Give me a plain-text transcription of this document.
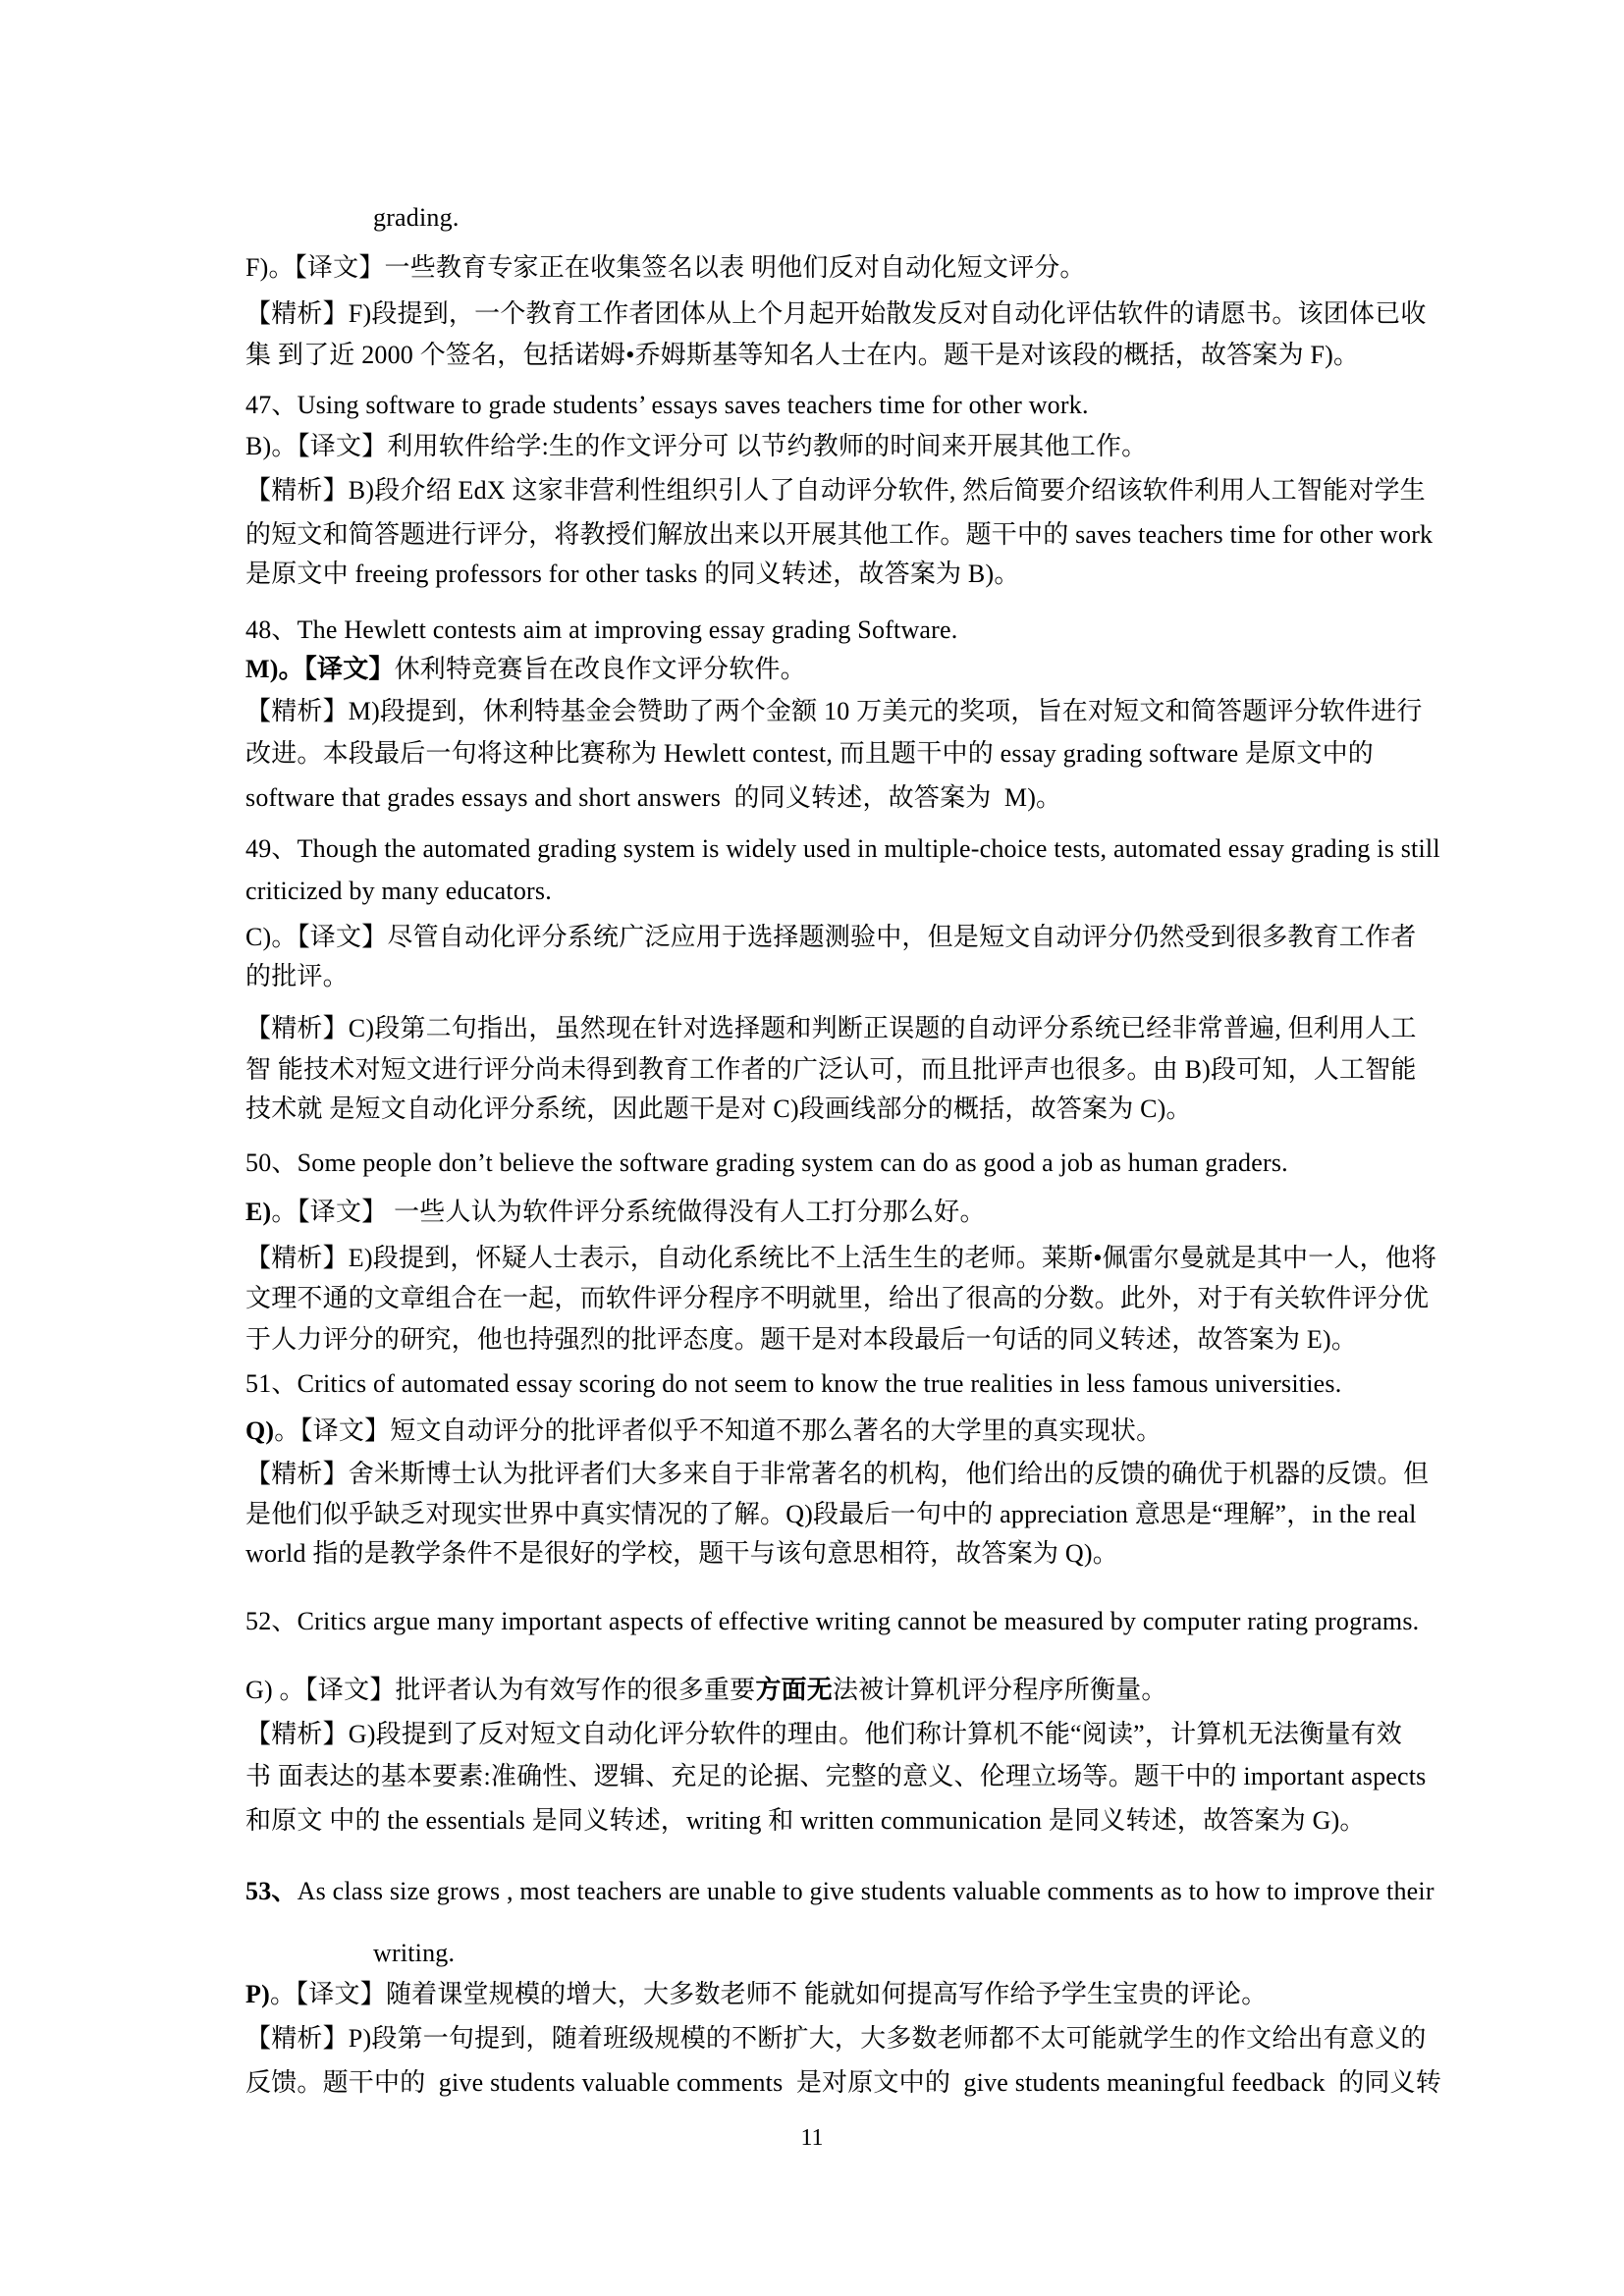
grading.
F)。【译文】一些教育专家正在收集签名以表 明他们反对自动化短文评分。
【精析】F)段提到，一个教育工作者团体从上个月起开始散发反对自动化评估软件的请愿书。该团体已收
集 到了近 2000 个签名，包括诺姆•乔姆斯基等知名人士在内。题干是对该段的概括，故答案为 F)。
47、Using software to grade students’ essays saves teachers time for other work.
B)。【译文】利用软件给学:生的作文评分可 以节约教师的时间来开展其他工作。
【精析】B)段介绍 EdX 这家非营利性组织引人了自动评分软件, 然后简要介绍该软件利用人工智能对学生
的短文和简答题进行评分，将教授们解放出来以开展其他工作。题干中的 saves teachers time for other work
是原文中 freeing professors for other tasks 的同义转述，故答案为 B)。
48、The Hewlett contests aim at improving essay grading Software.
M)。【译文】休利特竞赛旨在改良作文评分软件。
【精析】M)段提到，休利特基金会赞助了两个金额 10 万美元的奖项，旨在对短文和简答题评分软件进行
改进。本段最后一句将这种比赛称为 Hewlett contest, 而且题干中的 essay grading software 是原文中的
software that grades essays and short answers  的同义转述，故答案为  M)。
49、Though the automated grading system is widely used in multiple-choice tests, automated essay grading is still
criticized by many educators.
C)。【译文】尽管自动化评分系统广泛应用于选择题测验中，但是短文自动评分仍然受到很多教育工作者
的批评。
【精析】C)段第二句指出，虽然现在针对选择题和判断正误题的自动评分系统已经非常普遍, 但利用人工
智 能技术对短文进行评分尚未得到教育工作者的广泛认可，而且批评声也很多。由 B)段可知，人工智能
技术就 是短文自动化评分系统，因此题干是对 C)段画线部分的概括，故答案为 C)。
50、Some people don’t believe the software grading system can do as good a job as human graders.
E)。【译文】 一些人认为软件评分系统做得没有人工打分那么好。
【精析】E)段提到，怀疑人士表示，自动化系统比不上活生生的老师。莱斯•佩雷尔曼就是其中一人，他将
文理不通的文章组合在一起，而软件评分程序不明就里，给出了很高的分数。此外，对于有关软件评分优
于人力评分的研究，他也持强烈的批评态度。题干是对本段最后一句话的同义转述，故答案为 E)。
51、Critics of automated essay scoring do not seem to know the true realities in less famous universities.
Q)。【译文】短文自动评分的批评者似乎不知道不那么著名的大学里的真实现状。
【精析】舍米斯博士认为批评者们大多来自于非常著名的机构，他们给出的反馈的确优于机器的反馈。但
是他们似乎缺乏对现实世界中真实情况的了解。Q)段最后一句中的 appreciation 意思是“理解”，in the real
world 指的是教学条件不是很好的学校，题干与该句意思相符，故答案为 Q)。
52、Critics argue many important aspects of effective writing cannot be measured by computer rating programs.
G) 。【译文】批评者认为有效写作的很多重要方面无法被计算机评分程序所衡量。
【精析】G)段提到了反对短文自动化评分软件的理由。他们称计算机不能“阅读”，计算机无法衡量有效
书 面表达的基本要素:准确性、逻辑、充足的论据、完整的意义、伦理立场等。题干中的 important aspects
和原文 中的 the essentials 是同义转述，writing 和 written communication 是同义转述，故答案为 G)。
53、As class size grows , most teachers are unable to give students valuable comments as to how to improve their
writing.
P)。【译文】随着课堂规模的增大，大多数老师不 能就如何提高写作给予学生宝贵的评论。
【精析】P)段第一句提到，随着班级规模的不断扩大，大多数老师都不太可能就学生的作文给出有意义的
反馈。题干中的  give students valuable comments  是对原文中的  give students meaningful feedback  的同义转
11
